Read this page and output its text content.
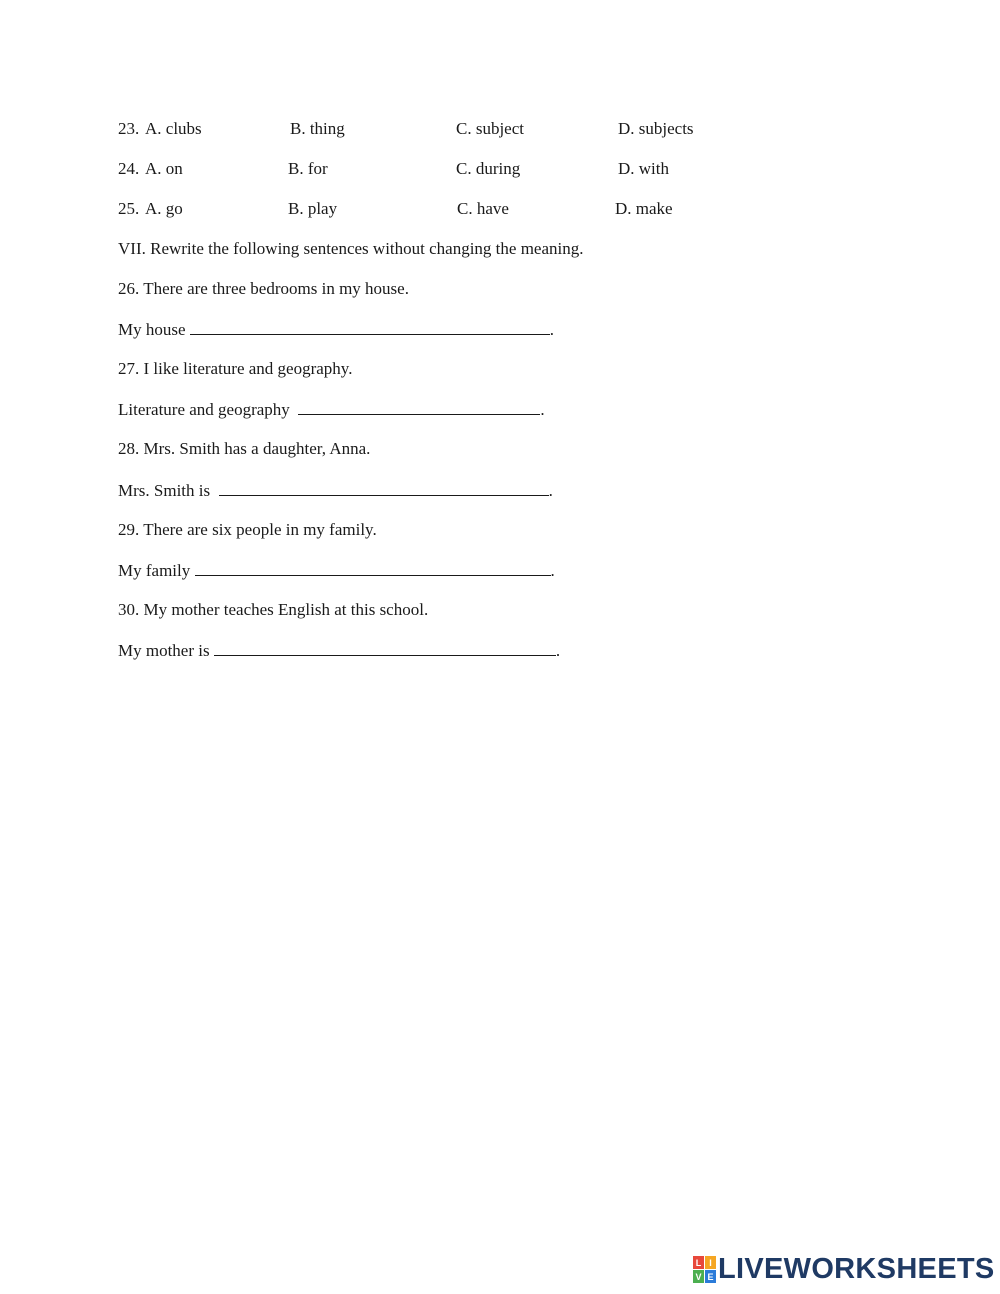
23. A. clubs	B. thing	C. subject	D. subjects
24. A. on	B. for	C. during	D. with
25. A. go	B. play	C. have	D. make
VII. Rewrite the following sentences without changing the meaning.
26. There are three bedrooms in my house.
My house	.
27. I like literature and geography.
Literature and geography	.
28. Mrs. Smith has a daughter, Anna.
Mrs. Smith is	.
29. There are six people in my family.
My family	.
30. My mother teaches English at this school.
My mother is	.
L I
V E LIVEWORKSHEETS
